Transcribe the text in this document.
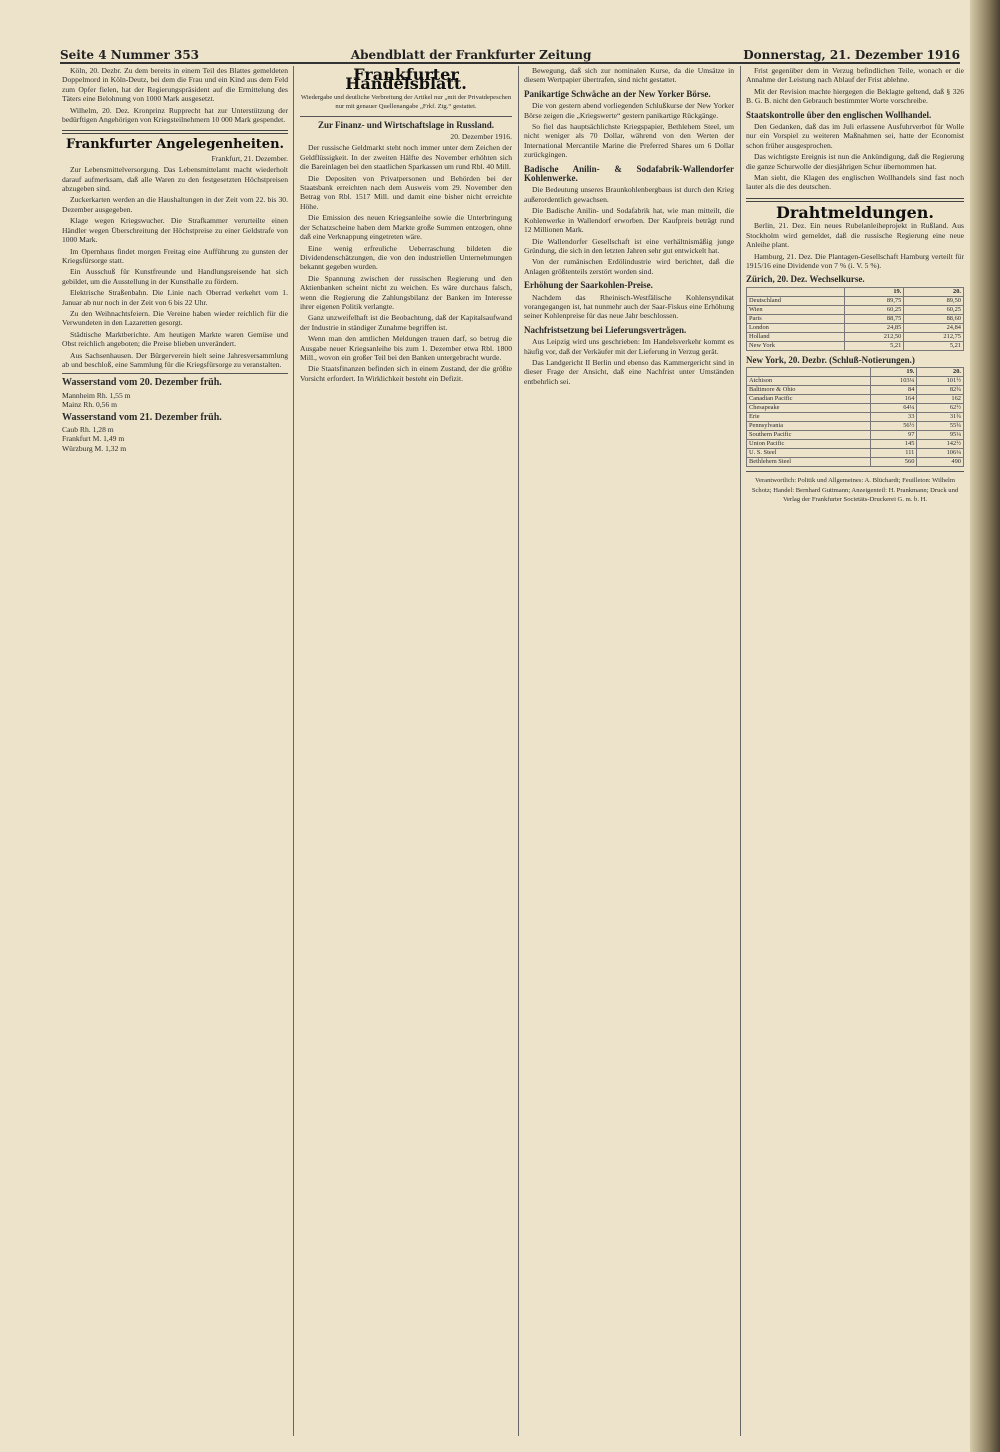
Seite 4 Nummer 353	Abendblatt der Frankfurter Zeitung	Donnerstag, 21. Dezember 1916

Köln, 20. Dezbr. Zu dem bereits in einem Teil des Blattes gemeldeten Doppelmord in Köln-Deutz, bei dem die Frau und ein Kind aus dem Feld zum Opfer fielen, hat der Regierungspräsident auf die Ermittelung des Täters eine Belohnung von 1000 Mark ausgesetzt.

Wilhelm, 20. Dez. Kronprinz Rupprecht hat zur Unterstützung der bedürftigen Angehörigen von Kriegsteilnehmern 10 000 Mark gespendet.

Frankfurter Angelegenheiten.
Frankfurt, 21. Dezember.

Zur Lebensmittelversorgung. Das Lebensmittelamt macht wiederholt darauf aufmerksam, daß alle Waren zu den festgesetzten Höchstpreisen abzugeben sind.

Zuckerkarten werden an die Haushaltungen in der Zeit vom 22. bis 30. Dezember ausgegeben.

Klage wegen Kriegswucher. Die Strafkammer verurteilte einen Händler wegen Überschreitung der Höchstpreise zu einer Geldstrafe von 1000 Mark.

Im Opernhaus findet morgen Freitag eine Aufführung zu gunsten der Kriegsfürsorge statt.

Ein Ausschuß für Kunstfreunde und Handlungsreisende hat sich gebildet, um die Ausstellung in der Kunsthalle zu fördern.

Elektrische Straßenbahn. Die Linie nach Oberrad verkehrt vom 1. Januar ab nur noch in der Zeit von 6 bis 22 Uhr.

Zu den Weihnachtsfeiern. Die Vereine haben wieder reichlich für die Verwundeten in den Lazaretten gesorgt.

Städtische Marktberichte. Am heutigen Markte waren Gemüse und Obst reichlich angeboten; die Preise blieben unverändert.

Aus Sachsenhausen. Der Bürgerverein hielt seine Jahresversammlung ab und beschloß, eine Sammlung für die Kriegsfürsorge zu veranstalten.

Wasserstand vom 20. Dezember früh.
Mannheim Rh. 1,55 m
Mainz Rh. 0,56 m
Wasserstand vom 21. Dezember früh.
Caub Rh. 1,28 m
Frankfurt M. 1,49 m
Würzburg M. 1,32 m
Frankfurter Handelsblatt.
Wiedergabe und deutliche Verbreitung der Artikel nur „mit der Privatdepeschen nur mit genauer Quellenangabe „Frkf. Ztg.“ gestattet.
Zur Finanz- und Wirtschaftslage in Russland.
20. Dezember 1916.

Der russische Geldmarkt steht noch immer unter dem Zeichen der Geldflüssigkeit. In der zweiten Hälfte des November erhöhten sich die Bareinlagen bei den staatlichen Sparkassen um rund Rbl. 40 Mill.

Die Depositen von Privatpersonen und Behörden bei der Staatsbank erreichten nach dem Ausweis vom 29. November den Betrag von Rbl. 1517 Mill. und damit eine bisher nicht erreichte Höhe.

Die Emission des neuen Kriegsanleihe sowie die Unterbringung der Schatzscheine haben dem Markte große Summen entzogen, ohne daß eine Verknappung eingetreten wäre.

Eine wenig erfreuliche Ueberraschung bildeten die Dividendenschätzungen, die von den industriellen Unternehmungen bekannt gegeben wurden.

Die Spannung zwischen der russischen Regierung und den Aktienbanken scheint nicht zu weichen. Es wäre durchaus falsch, wenn die Regierung die Zahlungsbilanz der Banken im Interesse ihrer eigenen Politik verlangte.

Ganz unzweifelhaft ist die Beobachtung, daß der Kapitalsaufwand der Industrie in ständiger Zunahme begriffen ist.

Wenn man den amtlichen Meldungen trauen darf, so betrug die Ausgabe neuer Kriegsanleihe bis zum 1. Dezember etwa Rbl. 1800 Mill., wovon ein großer Teil bei den Banken untergebracht wurde.

Die Staatsfinanzen befinden sich in einem Zustand, der die größte Vorsicht erfordert. In Wirklichkeit besteht ein Defizit.

Bewegung, daß sich zur nominalen Kurse, da die Umsätze in diesem Wertpapier übertrafen, sind nicht gestattet.

Panikartige Schwäche an der New Yorker Börse.

Die von gestern abend vorliegenden Schlußkurse der New Yorker Börse zeigen die „Kriegswerte“ gestern panikartige Rückgänge.

So fiel das hauptsächlichste Kriegspapier, Bethlehem Steel, um nicht weniger als 70 Dollar, während von den Werten der International Mercantile Marine die Preferred Shares um 6 Dollar zurückgingen.

Badische Anilin- & Sodafabrik-Wallendorfer Kohlenwerke.

Die Bedeutung unseres Braunkohlenbergbaus ist durch den Krieg außerordentlich gewachsen.

Die Badische Anilin- und Sodafabrik hat, wie man mitteilt, die Kohlenwerke in Wallendorf erworben. Der Kaufpreis beträgt rund 12 Millionen Mark.

Die Wallendorfer Gesellschaft ist eine verhältnismäßig junge Gründung, die sich in den letzten Jahren sehr gut entwickelt hat.

Von der rumänischen Erdölindustrie wird berichtet, daß die Anlagen größtenteils zerstört worden sind.

Erhöhung der Saarkohlen-Preise.

Nachdem das Rheinisch-Westfälische Kohlensyndikat vorangegangen ist, hat nunmehr auch der Saar-Fiskus eine Erhöhung seiner Kohlenpreise für das neue Jahr beschlossen.

Nachfristsetzung bei Lieferungsverträgen.

Aus Leipzig wird uns geschrieben: Im Handelsverkehr kommt es häufig vor, daß der Verkäufer mit der Lieferung in Verzug gerät.

Das Landgericht II Berlin und ebenso das Kammergericht sind in dieser Frage der Ansicht, daß eine Nachfrist unter Umständen entbehrlich sei.

Frist gegenüber dem in Verzug befindlichen Teile, wonach er die Annahme der Leistung nach Ablauf der Frist ablehne.

Mit der Revision machte hiergegen die Beklagte geltend, daß § 326 B. G. B. nicht den Gebrauch bestimmter Worte vorschreibe.

Staatskontrolle über den englischen Wollhandel.

Den Gedanken, daß das im Juli erlassene Ausfuhrverbot für Wolle nur ein Vorspiel zu weiteren Maßnahmen sei, hatte der Economist schon früher ausgesprochen.

Das wichtigste Ereignis ist nun die Ankündigung, daß die Regierung die ganze Schurwolle der diesjährigen Schur übernommen hat.

Man sieht, die Klagen des englischen Wollhandels sind fast noch lauter als die des deutschen.

Drahtmeldungen.

Berlin, 21. Dez. Ein neues Rubelanleiheprojekt in Rußland. Aus Stockholm wird gemeldet, daß die russische Regierung eine neue Anleihe plant.

Hamburg, 21. Dez. Die Plantagen-Gesellschaft Hamburg verteilt für 1915/16 eine Dividende von 7 % (i. V. 5 %).

Zürich, 20. Dez. Wechselkurse.
	19.	20.
Deutschland	89,75	89,50
Wien	60,25	60,25
Paris	88,75	88,60
London	24,85	24,84
Holland	212,50	212,75
New York	5,21	5,21
New York, 20. Dezbr. (Schluß-Notierungen.)
	19.	20.
Atchison	103¼	101½
Baltimore & Ohio	84	82¾
Canadian Pacific	164	162
Chesapeake	64¼	62½
Erie	33	31¾
Pennsylvania	56½	55¾
Southern Pacific	97	95¼
Union Pacific	145	142½
U. S. Steel	111	106¼
Bethlehem Steel	560	490
Verantwortlich: Politik und Allgemeines: A. Blüchardt; Feuilleton: Wilhelm Schotz; Handel: Bernhard Guttmann; Anzeigenteil: H. Prankmann; Druck und Verlag der Frankfurter Societäts-Druckerei G. m. b. H.
